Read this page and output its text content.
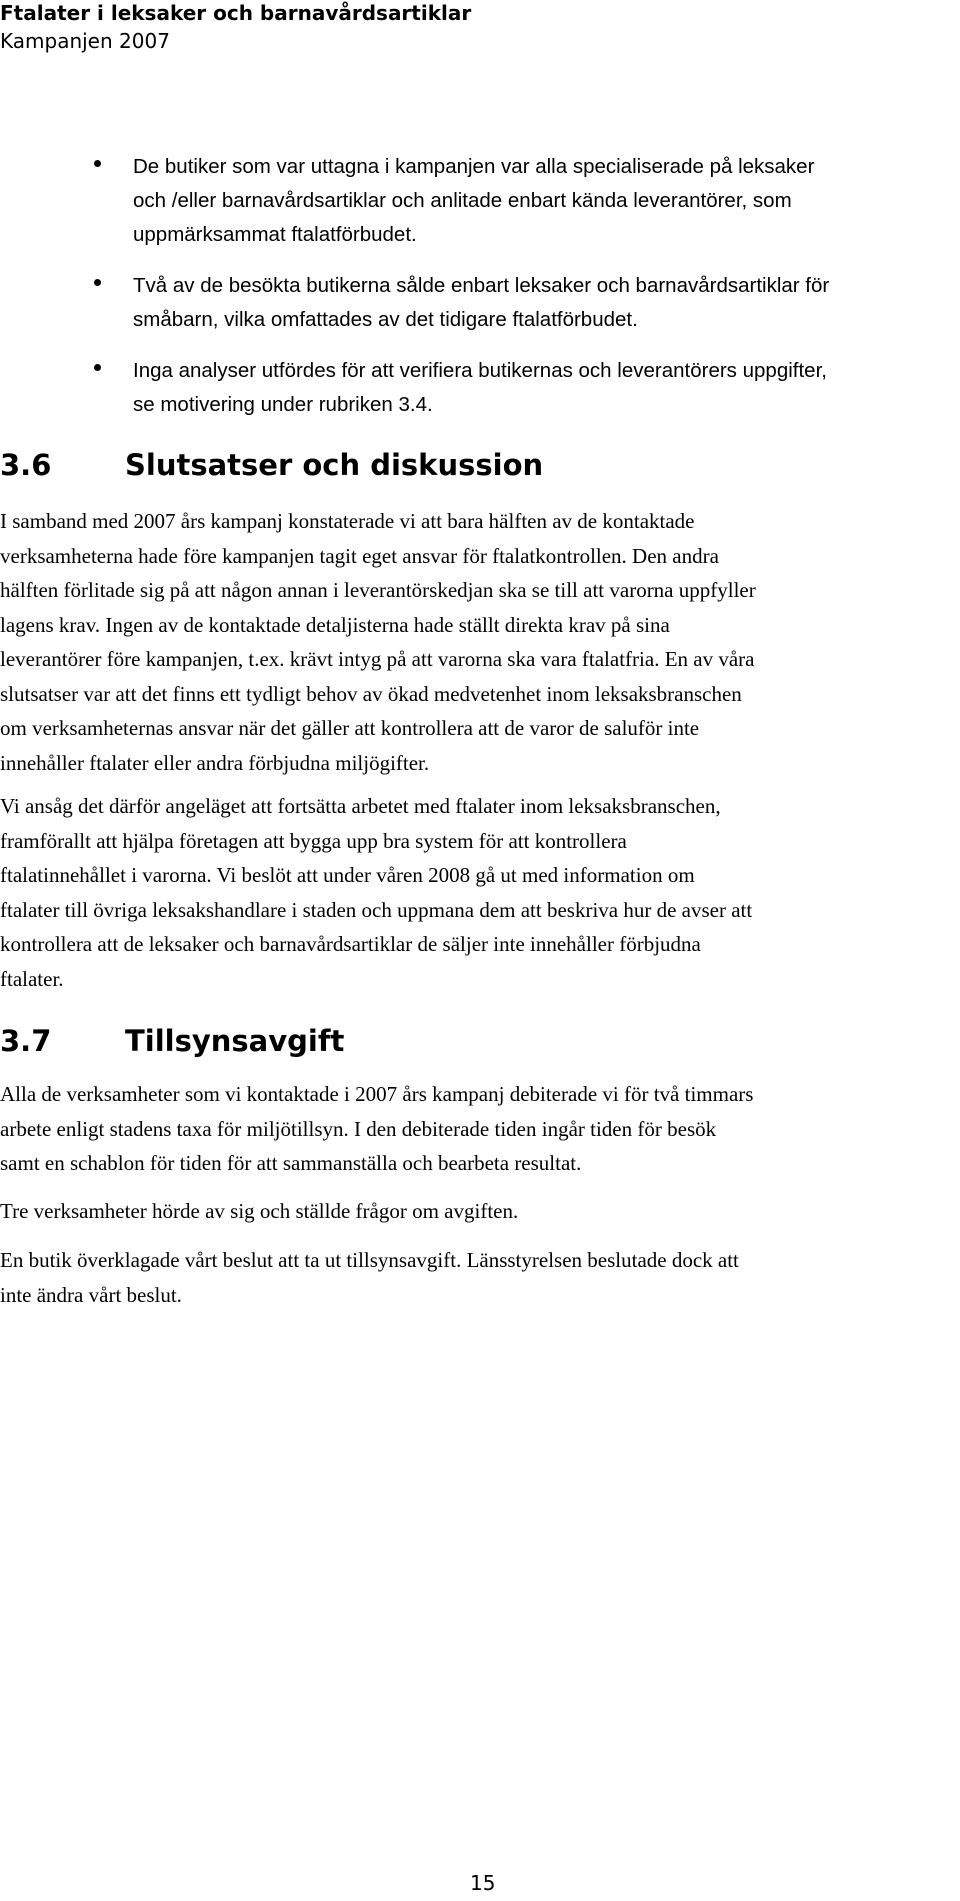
Ftalater i leksaker och barnavårdsartiklar
Kampanjen 2007
De butiker som var uttagna i kampanjen var alla specialiserade på leksaker
och /eller barnavårdsartiklar och anlitade enbart kända leverantörer, som
uppmärksammat ftalatförbudet.
Två av de besökta butikerna sålde enbart leksaker och barnavårdsartiklar för
småbarn, vilka omfattades av det tidigare ftalatförbudet.
Inga analyser utfördes för att verifiera butikernas och leverantörers uppgifter,
se motivering under rubriken 3.4.
3.6	Slutsatser och diskussion

I samband med 2007 års kampanj konstaterade vi att bara hälften av de kontaktade
verksamheterna hade före kampanjen tagit eget ansvar för ftalatkontrollen. Den andra
hälften förlitade sig på att någon annan i leverantörskedjan ska se till att varorna uppfyller
lagens krav. Ingen av de kontaktade detaljisterna hade ställt direkta krav på sina
leverantörer före kampanjen, t.ex. krävt intyg på att varorna ska vara ftalatfria. En av våra
slutsatser var att det finns ett tydligt behov av ökad medvetenhet inom leksaksbranschen
om verksamheternas ansvar när det gäller att kontrollera att de varor de saluför inte
innehåller ftalater eller andra förbjudna miljögifter.

Vi ansåg det därför angeläget att fortsätta arbetet med ftalater inom leksaksbranschen,
framförallt att hjälpa företagen att bygga upp bra system för att kontrollera
ftalatinnehållet i varorna. Vi beslöt att under våren 2008 gå ut med information om
ftalater till övriga leksakshandlare i staden och uppmana dem att beskriva hur de avser att
kontrollera att de leksaker och barnavårdsartiklar de säljer inte innehåller förbjudna
ftalater.

3.7	Tillsynsavgift

Alla de verksamheter som vi kontaktade i 2007 års kampanj debiterade vi för två timmars
arbete enligt stadens taxa för miljötillsyn. I den debiterade tiden ingår tiden för besök
samt en schablon för tiden för att sammanställa och bearbeta resultat.

Tre verksamheter hörde av sig och ställde frågor om avgiften.

En butik överklagade vårt beslut att ta ut tillsynsavgift. Länsstyrelsen beslutade dock att
inte ändra vårt beslut.

15
